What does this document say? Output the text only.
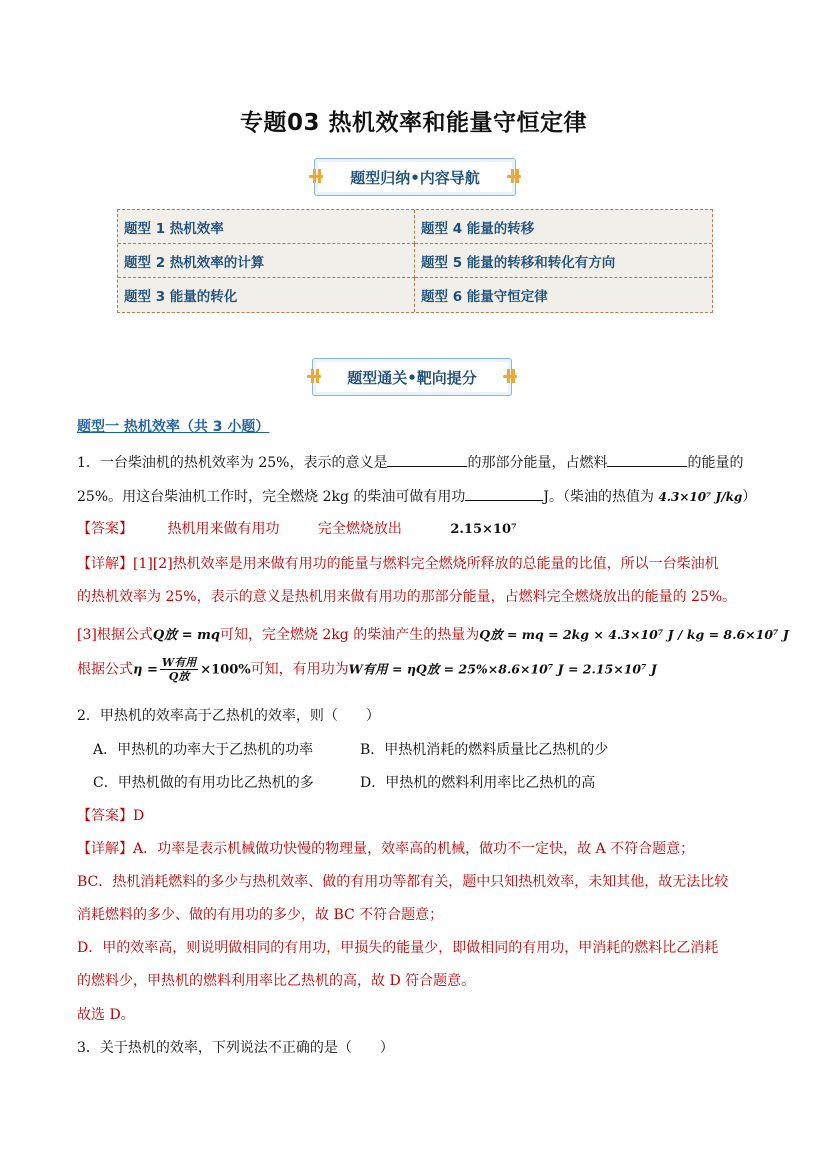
专题03 热机效率和能量守恒定律
题型归纳•内容导航
题型 1 热机效率	题型 4 能量的转移
题型 2 热机效率的计算	题型 5 能量的转移和转化有方向
题型 3 能量的转化	题型 6 能量守恒定律
题型通关•靶向提分
题型一 热机效率（共 3 小题）
1．一台柴油机的热机效率为 25%，表示的意义是	的那部分能量，占燃料	的能量的
25%。用这台柴油机工作时，完全燃烧 2kg 的柴油可做有用功	J。（柴油的热值为 4.3×10⁷ J/kg）
【答案】 热机用来做有用功	完全燃烧放出	2.15×10⁷
【详解】[1][2]热机效率是用来做有用功的能量与燃料完全燃烧所释放的总能量的比值，所以一台柴油机
的热机效率为 25%，表示的意义是热机用来做有用功的那部分能量，占燃料完全燃烧放出的能量的 25%。
[3]根据公式Q放 = mq可知，完全燃烧 2kg 的柴油产生的热量为Q放 = mq = 2kg × 4.3×10⁷ J / kg = 8.6×10⁷ J
根据公式$\eta = \frac{\text{W有用}}{\text{Q放}} \times 100\%$可知，有用功为W有用 = ηQ放 = 25%×8.6×10⁷ J = 2.15×10⁷ J
2．甲热机的效率高于乙热机的效率，则（　　）
A．甲热机的功率大于乙热机的功率	B．甲热机消耗的燃料质量比乙热机的少
C．甲热机做的有用功比乙热机的多	D．甲热机的燃料利用率比乙热机的高
【答案】D
【详解】A．功率是表示机械做功快慢的物理量，效率高的机械，做功不一定快，故 A 不符合题意；
BC．热机消耗燃料的多少与热机效率、做的有用功等都有关，题中只知热机效率，未知其他，故无法比较
消耗燃料的多少、做的有用功的多少，故 BC 不符合题意；
D．甲的效率高，则说明做相同的有用功，甲损失的能量少，即做相同的有用功，甲消耗的燃料比乙消耗
的燃料少，甲热机的燃料利用率比乙热机的高，故 D 符合题意。
故选 D。
3．关于热机的效率，下列说法不正确的是（　　）
